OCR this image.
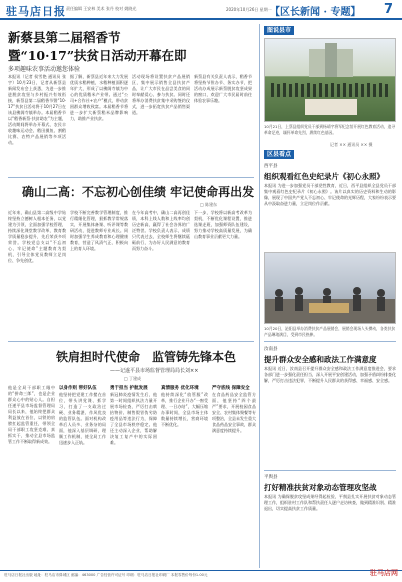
驻马店日报 责任编辑 王安林 美术 张丹 校对 姚晓光	2020年10月26日 星期一
【区长新闻 · 专题】 7
新蔡县第二届稻香节
暨“10·17”扶贫日活动开幕在即
多项趣味农事活动邀您体验
本报讯（记者 侯雪艳 通讯员 张宇）10月23日，记者从新蔡县新闻发布会上获悉，为进一步推进脱贫攻坚与乡村振兴有效衔接，新蔡县第二届稻香节暨“10·17”扶贫日活动将于10月27日在该县佛阁寺镇举办。本届稻香节以“稻香新蔡·扶贫助农”为主题，活动期间将举办开幕式、农民丰收趣味运动会、稻田摸鱼、割稻比赛、农特产品展销等多项活动。
据了解，新蔡县近年来大力发展优质水稻种植，水稻种植面积逐年扩大，形成了以佛阁寺镇为中心的优质稻米产业带。通过“公司+合作社+农户”模式，带动贫困群众增收致富。本届稻香节将进一步扩大新蔡稻米品牌影响力，助推产业扶贫。
活动现场将设置扶贫产品展销区，集中展示销售全县扶贫产品，让广大市民在品尝美食的同时奉献爱心、参与扶贫。同时还将举办消费扶贫集中采购签约仪式，进一步拓宽扶贫产品销售渠道。
新蔡县有关负责人表示，稻香节将坚持节俭办节、务实办节，把活动办成展示新蔡脱贫攻坚成果的窗口，欢迎广大市民届时前往体验农事乐趣。
确山二高：不忘初心创佳绩 牢记使命再出发
□ 陈建东
近年来，确山县第二高级中学始终坚持立德树人根本任务，以党建为引领，全面加强学校管理，持续深化课堂教学改革，教育教学质量稳步提升，先后荣获多项荣誉。学校党总支以“不忘初心、牢记使命”主题教育为契机，引导全体党员教师立足岗位、争先创优。
学校不断完善教学管理制度，推行精细化管理，狠抓教学常规落实，开展集体备课、听评课等教研活动，促进教师专业成长。同时加强学生养成教育和心理健康教育，营造了风清气正、积极向上的育人环境。
在今年高考中，确山二高再创佳绩，本科上线人数和上线率均创历史新高，赢得了社会各界的广泛赞誉。学校负责人表示，成绩只代表过去，全校师生将继续砥砺前行，为办好人民满意的教育而努力奋斗。
下一步，学校将以新高考改革为契机，不断优化课程设置，推进选课走班，加强师资队伍建设，努力推动学校高质量发展，为确山教育事业贡献更大力量。
铁肩担时代使命　监管铸先锋本色
——记遂平县市场监督管理局局长刘××
□ 丁建成
他是全局干部职工眼中的“拼命三郎”，也是企业群众心中的贴心人。自担任遂平县市场监督管理局局长以来，他始终把群众利益放在首位，以铁的肩膀扛起监管重任，带领全局干部职工攻坚克难、真抓实干，推动全县市场监管工作不断取得新成效。
以身作则 带好队伍
他坚持把党建工作摆在首位，带头讲党课、抓学习，打造了一支政治过硬、业务精湛、作风优良的监管队伍。面对机构改革后人员多、业务杂的局面，他深入基层调研，理顺工作机制，使全局工作迅速步入正轨。
勇于担当 护航发展
新冠肺炎疫情发生后，他第一时间组织执法力量开展市场检查，严厉打击哄抬物价、制售假冒伪劣防疫用品等违法行为，保障了全县市场秩序稳定。他还主动深入企业，帮助解决复工复产中的实际困难。
真情服务 优化环境
他持续深化“放管服”改革，推行企业开办“一窗受理、一日办结”，大幅压缩办事时间，全县市场主体数量持续增长，营商环境不断优化。
严守底线 保障安全
在食品药品安全监管方面，他坚持“四个最严”要求，开展校园食品安全、农村集体聚餐等专项整治，全县未发生重大食品药品安全事故，群众满意度持续提升。
图说县市
10月21日，上蔡县组织党员干部到杨靖宇将军纪念馆开展红色教育活动，追寻革命足迹，缅怀革命先烈，赓续红色基因。
记者 ×× 通讯员 ×× 摄
区县看点
西平县
组织观看红色史纪录片《初心永照》
本报讯 为进一步加强党员干部党性教育，近日，西平县组织全县党员干部集中观看红色史纪录片《初心永照》。该片以真实的历史资料和生动的影像，展现了中国共产党人不忘初心、牢记使命的光辉历程，大家纷纷表示要从中汲取奋进力量，立足岗位作贡献。
10月20日，泌阳县举办消费扶贫产品展销会，展销会现场人头攒动，各类扶贫产品琳琅满目，受到市民热捧。
汝南县
提升群众安全感和政法工作满意度
本报讯 近日，汝南县召开提升群众安全感和政法工作满意度推进会，要求各部门进一步强化责任担当，深入开展平安创建活动，加强矛盾纠纷排查化解，严厉打击违法犯罪，不断提升人民群众的获得感、幸福感、安全感。
平舆县
打好精准扶贫对象动态管理攻坚战
本报讯 为确保脱贫攻坚成果经得起检验，平舆县扎实开展扶贫对象动态管理工作，组织驻村工作队和帮扶责任人逐户走访核查，做到精准识别、精准退出，切实提高扶贫工作质量。
驻马店日报社出版 地址：驻马店市驿城区 邮编：463000 广告经营许可证号 印刷：驻马店日报社印刷厂 本报零售价每份1.00元	驻马店网
